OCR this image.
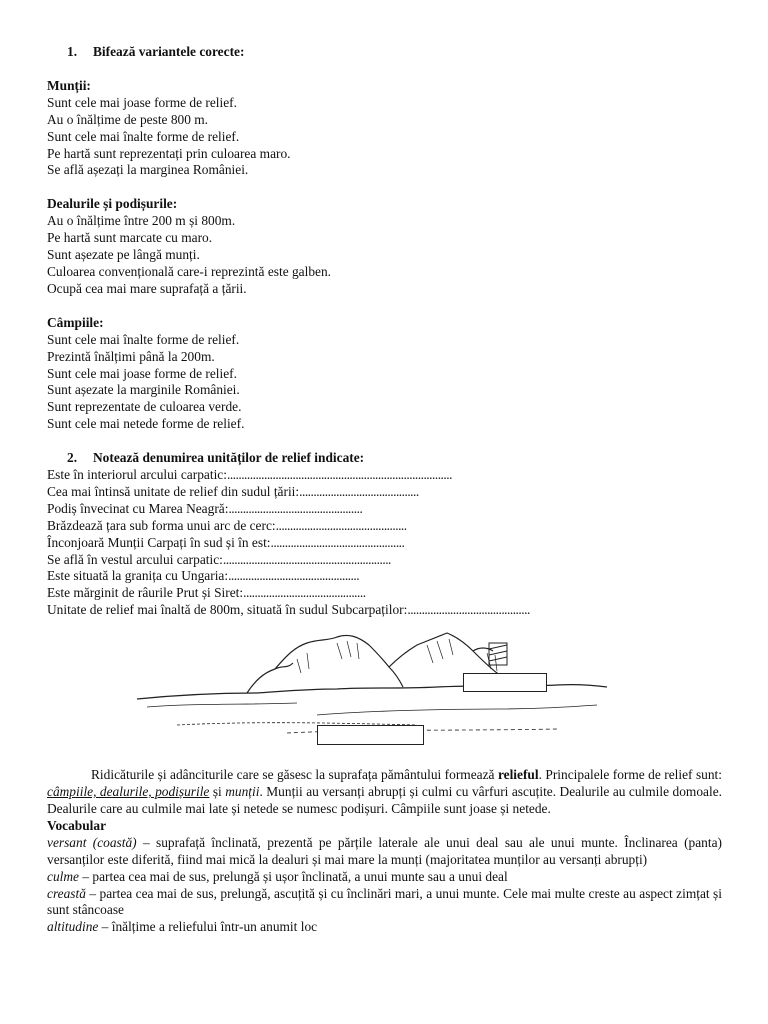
1. Bifează variantele corecte:
Munții:
Sunt cele mai joase forme de relief.
Au o înălțime de peste 800 m.
Sunt cele mai înalte forme de relief.
Pe hartă sunt reprezentați prin culoarea maro.
Se află așezați la marginea României.
Dealurile și podișurile:
Au o înălțime între 200 m și 800m.
Pe hartă sunt marcate cu maro.
Sunt așezate pe lângă munți.
Culoarea convențională care-i reprezintă este galben.
Ocupă cea mai mare suprafață a țării.
Câmpiile:
Sunt cele mai înalte forme de relief.
Prezintă înălțimi până la 200m.
Sunt cele mai joase forme de relief.
Sunt așezate la marginile României.
Sunt reprezentate de culoarea verde.
Sunt cele mai netede forme de relief.
2. Notează denumirea unităților de relief indicate:
Este în interiorul arcului carpatic:...............................................................................
Cea mai întinsă unitate de relief din sudul țării:..........................................
Podiș învecinat cu Marea Neagră:...............................................
Brăzdează țara sub forma unui arc de cerc:..............................................
Înconjoară Munții Carpați în sud și în est:...............................................
Se află în vestul arcului carpatic:...........................................................
Este situată la granița cu Ungaria:..............................................
Este mărginit de râurile Prut și Siret:...........................................
Unitate de relief mai înaltă de 800m, situată în sudul Subcarpaților:...........................................
Ridicăturile și adânciturile care se găsesc la suprafața pământului formează relieful. Principalele forme de relief sunt: câmpiile, dealurile, podișurile și munții. Munții au versanți abrupți și culmi cu vârfuri ascuțite. Dealurile au culmile domoale. Dealurile care au culmile mai late și netede se numesc podișuri. Câmpiile sunt joase și netede.
Vocabular
versant (coastă) – suprafață înclinată, prezentă pe părțile laterale ale unui deal sau ale unui munte. Înclinarea (panta) versanților este diferită, fiind mai mică la dealuri și mai mare la munți (majoritatea munților au versanți abrupți)
culme – partea cea mai de sus, prelungă și ușor înclinată, a unui munte sau a unui deal
creastă – partea cea mai de sus, prelungă, ascuțită și cu înclinări mari, a unui munte. Cele mai multe creste au aspect zimțat și sunt stâncoase
altitudine – înălțime a reliefului într-un anumit loc
